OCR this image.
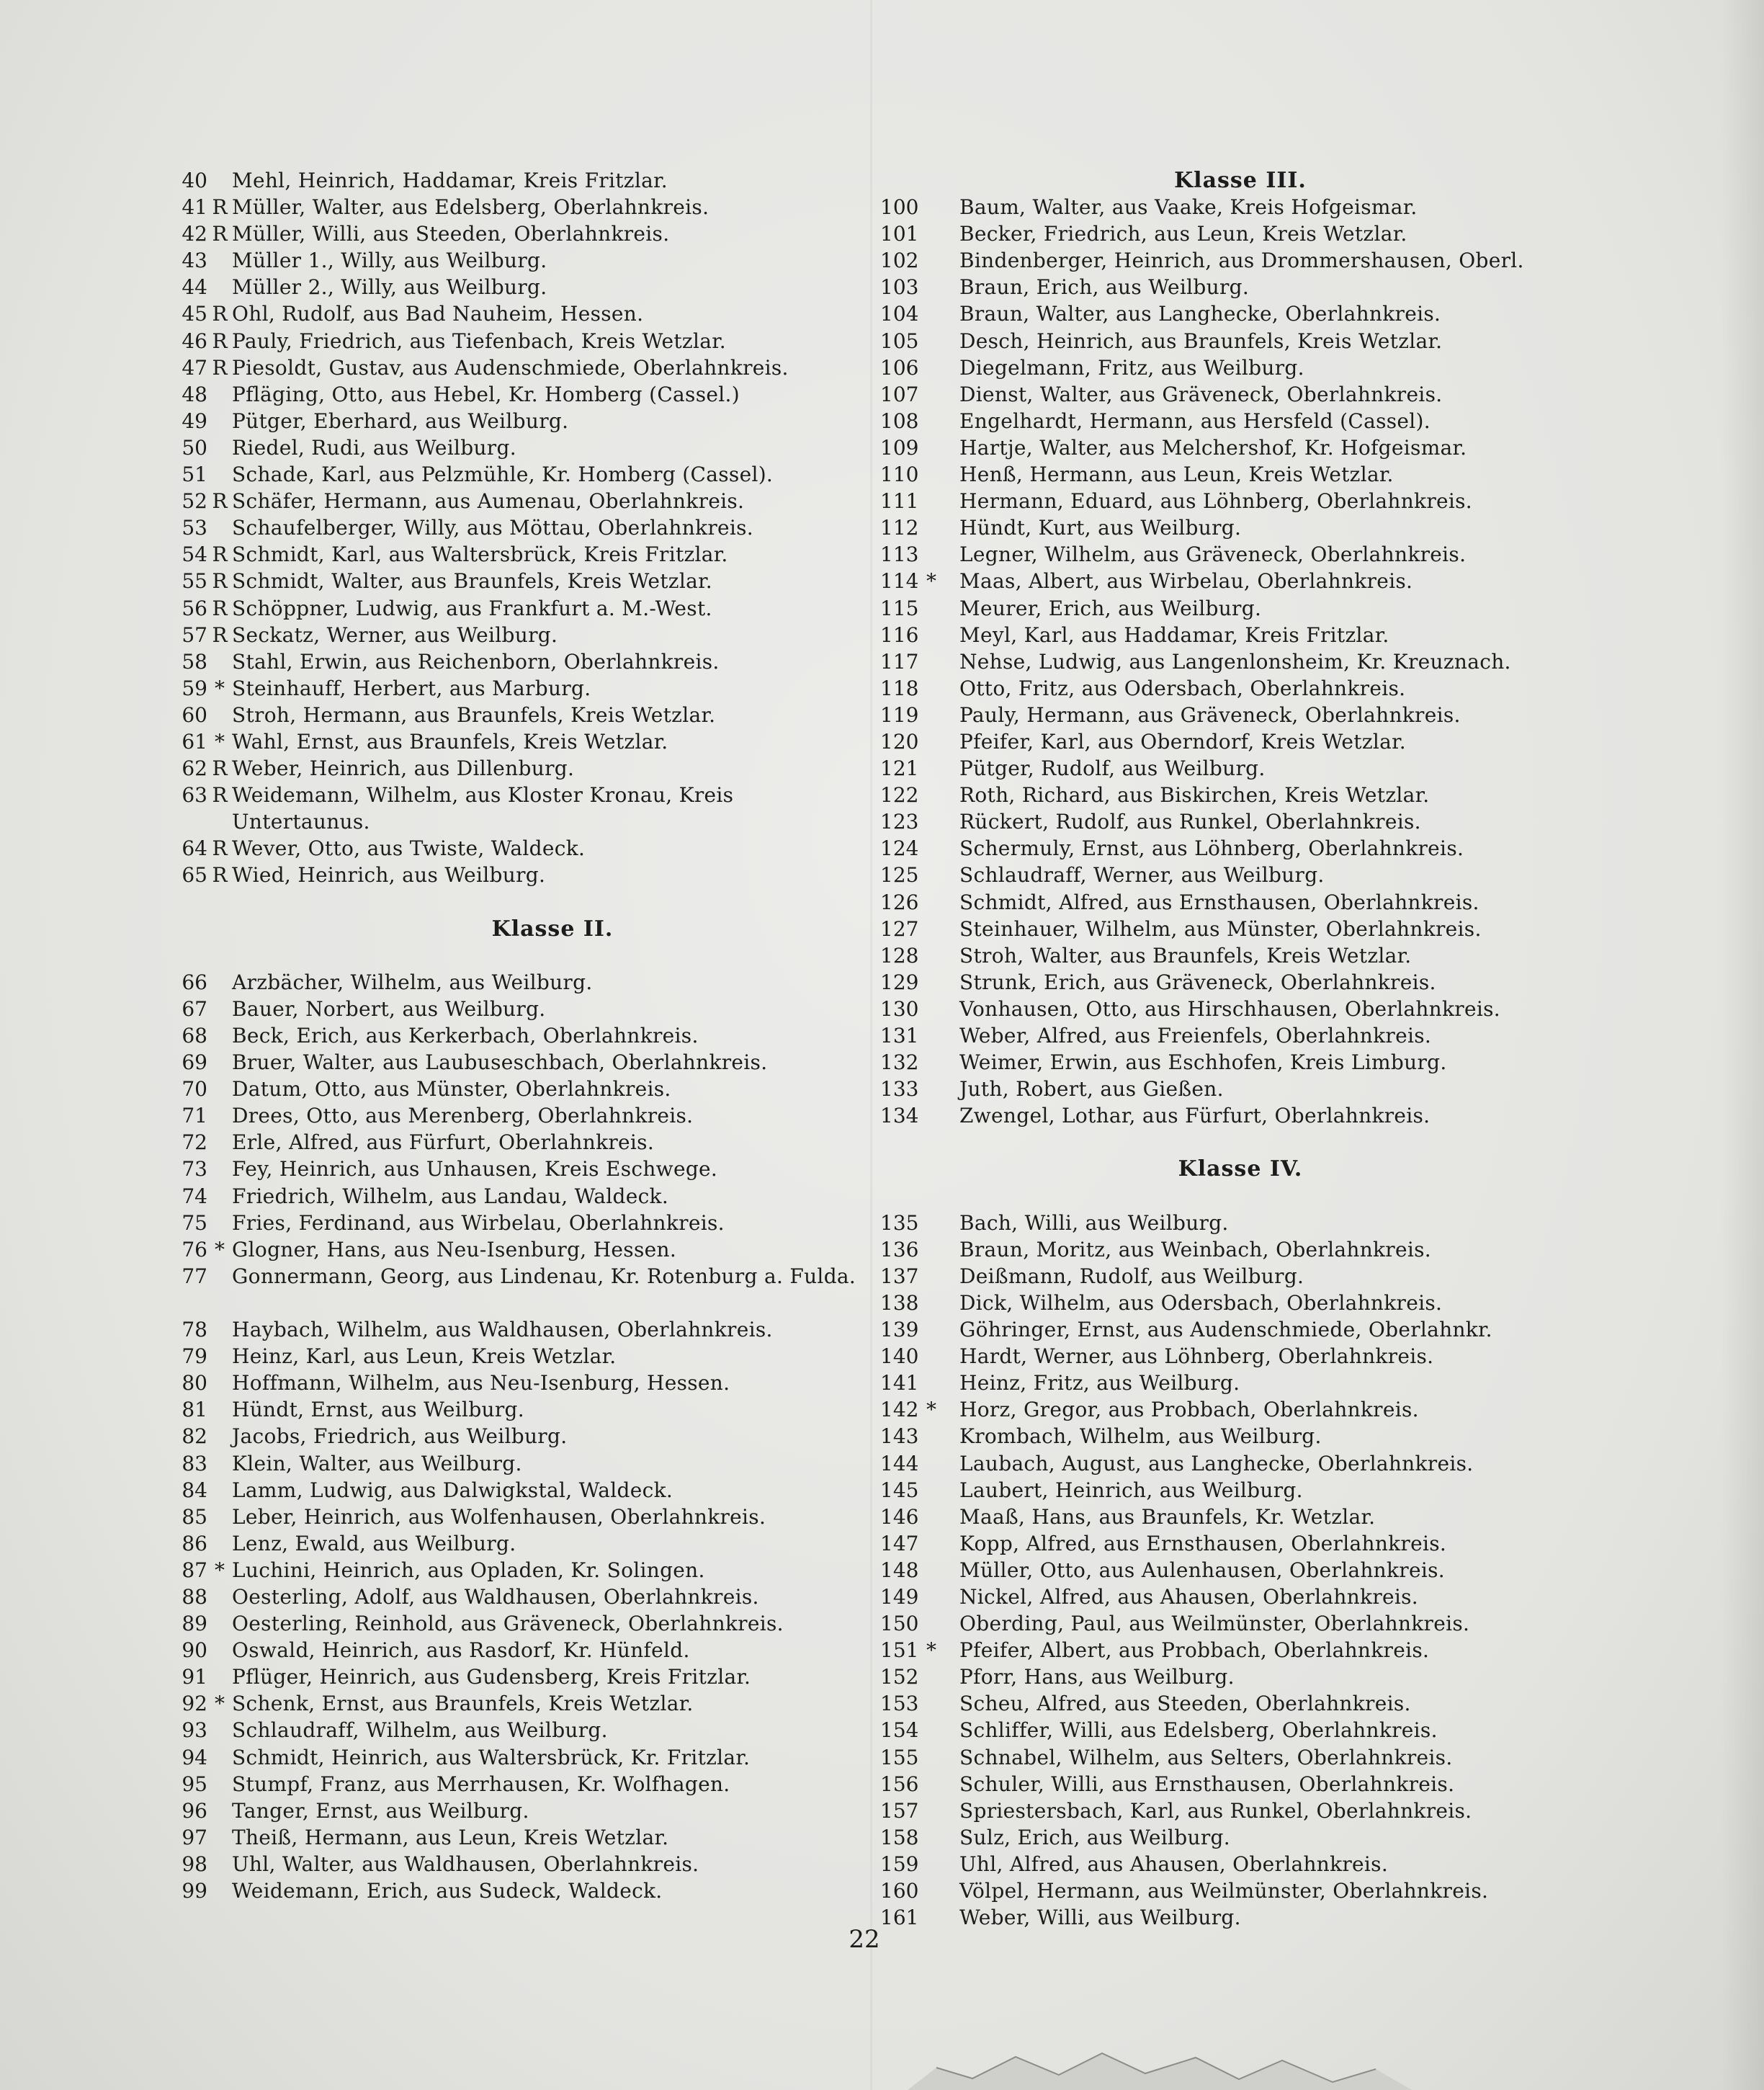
40 Mehl, Heinrich, Haddamar, Kreis Fritzlar.
41 R Müller, Walter, aus Edelsberg, Oberlahnkreis.
42 R Müller, Willi, aus Steeden, Oberlahnkreis.
43 Müller 1., Willy, aus Weilburg.
44 Müller 2., Willy, aus Weilburg.
45 R Ohl, Rudolf, aus Bad Nauheim, Hessen.
46 R Pauly, Friedrich, aus Tiefenbach, Kreis Wetzlar.
47 R Piesoldt, Gustav, aus Audenschmiede, Oberlahnkreis.
48 Pfläging, Otto, aus Hebel, Kr. Homberg (Cassel.)
49 Pütger, Eberhard, aus Weilburg.
50 Riedel, Rudi, aus Weilburg.
51 Schade, Karl, aus Pelzmühle, Kr. Homberg (Cassel).
52 R Schäfer, Hermann, aus Aumenau, Oberlahnkreis.
53 Schaufelberger, Willy, aus Möttau, Oberlahnkreis.
54 R Schmidt, Karl, aus Waltersbrück, Kreis Fritzlar.
55 R Schmidt, Walter, aus Braunfels, Kreis Wetzlar.
56 R Schöppner, Ludwig, aus Frankfurt a. M.-West.
57 R Seckatz, Werner, aus Weilburg.
58 Stahl, Erwin, aus Reichenborn, Oberlahnkreis.
59 * Steinhauff, Herbert, aus Marburg.
60 Stroh, Hermann, aus Braunfels, Kreis Wetzlar.
61 * Wahl, Ernst, aus Braunfels, Kreis Wetzlar.
62 R Weber, Heinrich, aus Dillenburg.
63 R Weidemann, Wilhelm, aus Kloster Kronau, Kreis Untertaunus.
64 R Wever, Otto, aus Twiste, Waldeck.
65 R Wied, Heinrich, aus Weilburg.
Klasse II.
66 Arzbächer, Wilhelm, aus Weilburg.
67 Bauer, Norbert, aus Weilburg.
68 Beck, Erich, aus Kerkerbach, Oberlahnkreis.
69 Bruer, Walter, aus Laubuseschbach, Oberlahnkreis.
70 Datum, Otto, aus Münster, Oberlahnkreis.
71 Drees, Otto, aus Merenberg, Oberlahnkreis.
72 Erle, Alfred, aus Fürfurt, Oberlahnkreis.
73 Fey, Heinrich, aus Unhausen, Kreis Eschwege.
74 Friedrich, Wilhelm, aus Landau, Waldeck.
75 Fries, Ferdinand, aus Wirbelau, Oberlahnkreis.
76 * Glogner, Hans, aus Neu-Isenburg, Hessen.
77 Gonnermann, Georg, aus Lindenau, Kr. Rotenburg a. Fulda.
78 Haybach, Wilhelm, aus Waldhausen, Oberlahnkreis.
79 Heinz, Karl, aus Leun, Kreis Wetzlar.
80 Hoffmann, Wilhelm, aus Neu-Isenburg, Hessen.
81 Hündt, Ernst, aus Weilburg.
82 Jacobs, Friedrich, aus Weilburg.
83 Klein, Walter, aus Weilburg.
84 Lamm, Ludwig, aus Dalwigkstal, Waldeck.
85 Leber, Heinrich, aus Wolfenhausen, Oberlahnkreis.
86 Lenz, Ewald, aus Weilburg.
87 * Luchini, Heinrich, aus Opladen, Kr. Solingen.
88 Oesterling, Adolf, aus Waldhausen, Oberlahnkreis.
89 Oesterling, Reinhold, aus Gräveneck, Oberlahnkreis.
90 Oswald, Heinrich, aus Rasdorf, Kr. Hünfeld.
91 Pflüger, Heinrich, aus Gudensberg, Kreis Fritzlar.
92 * Schenk, Ernst, aus Braunfels, Kreis Wetzlar.
93 Schlaudraff, Wilhelm, aus Weilburg.
94 Schmidt, Heinrich, aus Waltersbrück, Kr. Fritzlar.
95 Stumpf, Franz, aus Merrhausen, Kr. Wolfhagen.
96 Tanger, Ernst, aus Weilburg.
97 Theiß, Hermann, aus Leun, Kreis Wetzlar.
98 Uhl, Walter, aus Waldhausen, Oberlahnkreis.
99 Weidemann, Erich, aus Sudeck, Waldeck.
Klasse III.
100	Baum, Walter, aus Vaake, Kreis Hofgeismar.
101	Becker, Friedrich, aus Leun, Kreis Wetzlar.
102	Bindenberger, Heinrich, aus Drommershausen, Oberl.
103	Braun, Erich, aus Weilburg.
104	Braun, Walter, aus Langhecke, Oberlahnkreis.
105	Desch, Heinrich, aus Braunfels, Kreis Wetzlar.
106	Diegelmann, Fritz, aus Weilburg.
107	Dienst, Walter, aus Gräveneck, Oberlahnkreis.
108	Engelhardt, Hermann, aus Hersfeld (Cassel).
109	Hartje, Walter, aus Melchershof, Kr. Hofgeismar.
110	Henß, Hermann, aus Leun, Kreis Wetzlar.
111	Hermann, Eduard, aus Löhnberg, Oberlahnkreis.
112	Hündt, Kurt, aus Weilburg.
113	Legner, Wilhelm, aus Gräveneck, Oberlahnkreis.
114 * Maas, Albert, aus Wirbelau, Oberlahnkreis.
115	Meurer, Erich, aus Weilburg.
116	Meyl, Karl, aus Haddamar, Kreis Fritzlar.
117	Nehse, Ludwig, aus Langenlonsheim, Kr. Kreuznach.
118	Otto, Fritz, aus Odersbach, Oberlahnkreis.
119	Pauly, Hermann, aus Gräveneck, Oberlahnkreis.
120	Pfeifer, Karl, aus Oberndorf, Kreis Wetzlar.
121	Pütger, Rudolf, aus Weilburg.
122	Roth, Richard, aus Biskirchen, Kreis Wetzlar.
123	Rückert, Rudolf, aus Runkel, Oberlahnkreis.
124	Schermuly, Ernst, aus Löhnberg, Oberlahnkreis.
125	Schlaudraff, Werner, aus Weilburg.
126	Schmidt, Alfred, aus Ernsthausen, Oberlahnkreis.
127	Steinhauer, Wilhelm, aus Münster, Oberlahnkreis.
128	Stroh, Walter, aus Braunfels, Kreis Wetzlar.
129	Strunk, Erich, aus Gräveneck, Oberlahnkreis.
130	Vonhausen, Otto, aus Hirschhausen, Oberlahnkreis.
131	Weber, Alfred, aus Freienfels, Oberlahnkreis.
132	Weimer, Erwin, aus Eschhofen, Kreis Limburg.
133	Juth, Robert, aus Gießen.
134	Zwengel, Lothar, aus Fürfurt, Oberlahnkreis.
Klasse IV.
135	Bach, Willi, aus Weilburg.
136	Braun, Moritz, aus Weinbach, Oberlahnkreis.
137	Deißmann, Rudolf, aus Weilburg.
138	Dick, Wilhelm, aus Odersbach, Oberlahnkreis.
139	Göhringer, Ernst, aus Audenschmiede, Oberlahnkr.
140	Hardt, Werner, aus Löhnberg, Oberlahnkreis.
141	Heinz, Fritz, aus Weilburg.
142 * Horz, Gregor, aus Probbach, Oberlahnkreis.
143	Krombach, Wilhelm, aus Weilburg.
144	Laubach, August, aus Langhecke, Oberlahnkreis.
145	Laubert, Heinrich, aus Weilburg.
146	Maaß, Hans, aus Braunfels, Kr. Wetzlar.
147	Kopp, Alfred, aus Ernsthausen, Oberlahnkreis.
148	Müller, Otto, aus Aulenhausen, Oberlahnkreis.
149	Nickel, Alfred, aus Ahausen, Oberlahnkreis.
150	Oberding, Paul, aus Weilmünster, Oberlahnkreis.
151 * Pfeifer, Albert, aus Probbach, Oberlahnkreis.
152	Pforr, Hans, aus Weilburg.
153	Scheu, Alfred, aus Steeden, Oberlahnkreis.
154	Schliffer, Willi, aus Edelsberg, Oberlahnkreis.
155	Schnabel, Wilhelm, aus Selters, Oberlahnkreis.
156	Schuler, Willi, aus Ernsthausen, Oberlahnkreis.
157	Spriestersbach, Karl, aus Runkel, Oberlahnkreis.
158	Sulz, Erich, aus Weilburg.
159	Uhl, Alfred, aus Ahausen, Oberlahnkreis.
160	Völpel, Hermann, aus Weilmünster, Oberlahnkreis.
161	Weber, Willi, aus Weilburg.
22
